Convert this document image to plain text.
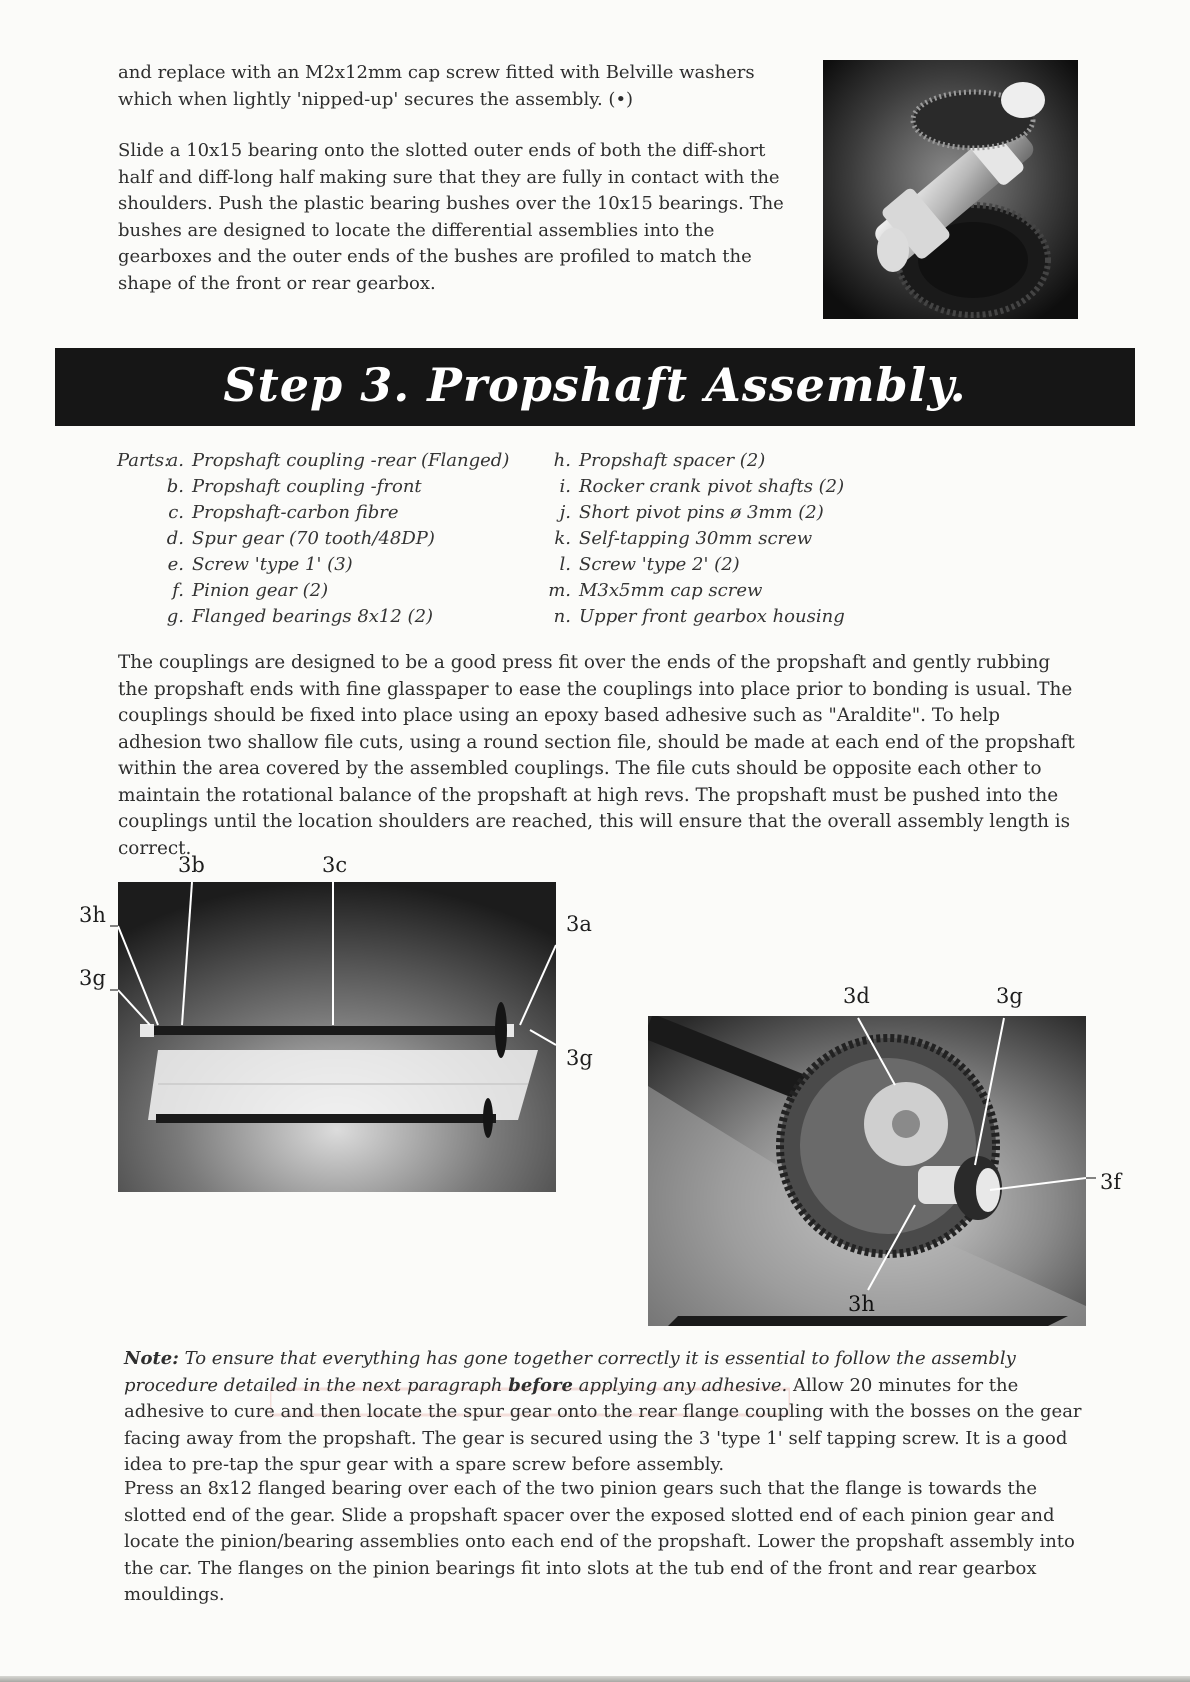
and replace with an M2x12mm cap screw fitted with Belville washers which when lightly 'nipped-up' secures the assembly. (•)
Slide a 10x15 bearing onto the slotted outer ends of both the diff-short half and diff-long half making sure that they are fully in contact with the shoulders. Push the plastic bearing bushes over the 10x15 bearings. The bushes are designed to locate the differential assemblies into the gearboxes and the outer ends of the bushes are profiled to match the shape of the front or rear gearbox.
Step 3. Propshaft Assembly.
Parts:
a. Propshaft coupling -rear (Flanged)
b. Propshaft coupling -front
c. Propshaft-carbon fibre
d. Spur gear (70 tooth/48DP)
e. Screw 'type 1' (3)
f. Pinion gear (2)
g. Flanged bearings 8x12 (2)
h. Propshaft spacer (2)
i. Rocker crank pivot shafts (2)
j. Short pivot pins ø 3mm (2)
k. Self-tapping 30mm screw
l. Screw 'type 2' (2)
m. M3x5mm cap screw
n. Upper front gearbox housing
The couplings are designed to be a good press fit over the ends of the propshaft and gently rubbing the propshaft ends with fine glasspaper to ease the couplings into place prior to bonding is usual. The couplings should be fixed into place using an epoxy based adhesive such as "Araldite". To help adhesion two shallow file cuts, using a round section file, should be made at each end of the propshaft within the area covered by the assembled couplings. The file cuts should be opposite each other to maintain the rotational balance of the propshaft at high revs. The propshaft must be pushed into the couplings until the location shoulders are reached, this will ensure that the overall assembly length is correct.
3b	3c
3h
3g
3a
3g
3d	3g
3f
3h
Note: To ensure that everything has gone together correctly it is essential to follow the assembly procedure detailed in the next paragraph before applying any adhesive. Allow 20 minutes for the adhesive to cure and then locate the spur gear onto the rear flange coupling with the bosses on the gear facing away from the propshaft. The gear is secured using the 3 'type 1' self tapping screw. It is a good idea to pre-tap the spur gear with a spare screw before assembly.
Press an 8x12 flanged bearing over each of the two pinion gears such that the flange is towards the slotted end of the gear. Slide a propshaft spacer over the exposed slotted end of each pinion gear and locate the pinion/bearing assemblies onto each end of the propshaft. Lower the propshaft assembly into the car. The flanges on the pinion bearings fit into slots at the tub end of the front and rear gearbox mouldings.
